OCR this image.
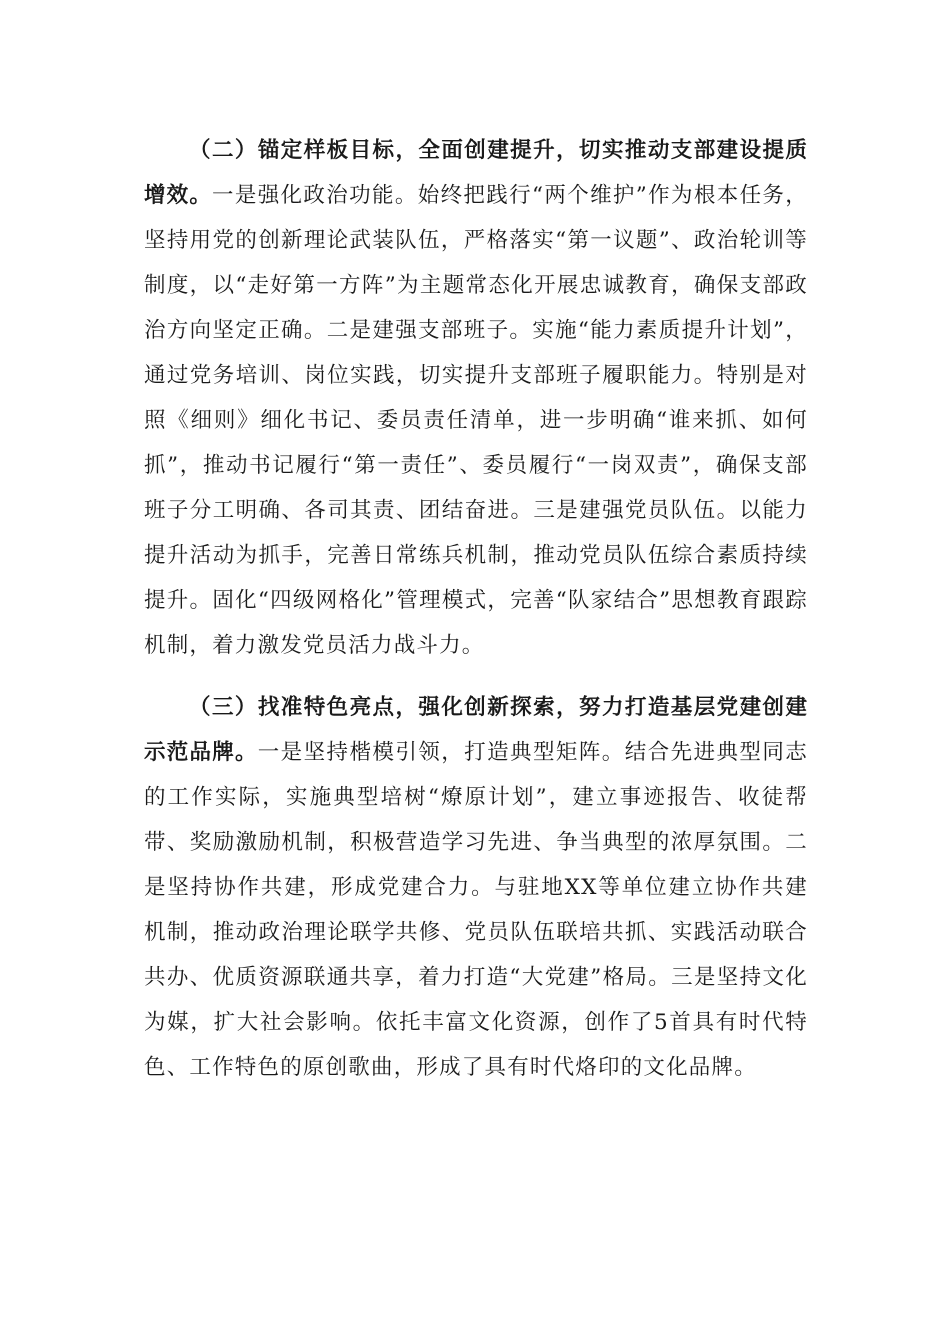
（二）锚定样板目标，全面创建提升，切实推动支部建设提质增效。一是强化政治功能。始终把践行“两个维护”作为根本任务，坚持用党的创新理论武装队伍，严格落实“第一议题”、政治轮训等制度，以“走好第一方阵”为主题常态化开展忠诚教育，确保支部政治方向坚定正确。二是建强支部班子。实施“能力素质提升计划”，通过党务培训、岗位实践，切实提升支部班子履职能力。特别是对照《细则》细化书记、委员责任清单，进一步明确“谁来抓、如何抓”，推动书记履行“第一责任”、委员履行“一岗双责”，确保支部班子分工明确、各司其责、团结奋进。三是建强党员队伍。以能力提升活动为抓手，完善日常练兵机制，推动党员队伍综合素质持续提升。固化“四级网格化”管理模式，完善“队家结合”思想教育跟踪机制，着力激发党员活力战斗力。

（三）找准特色亮点，强化创新探索，努力打造基层党建创建示范品牌。一是坚持楷模引领，打造典型矩阵。结合先进典型同志的工作实际，实施典型培树“燎原计划”，建立事迹报告、收徒帮带、奖励激励机制，积极营造学习先进、争当典型的浓厚氛围。二是坚持协作共建，形成党建合力。与驻地XX等单位建立协作共建机制，推动政治理论联学共修、党员队伍联培共抓、实践活动联合共办、优质资源联通共享，着力打造“大党建”格局。三是坚持文化为媒，扩大社会影响。依托丰富文化资源，创作了5首具有时代特色、工作特色的原创歌曲，形成了具有时代烙印的文化品牌。
